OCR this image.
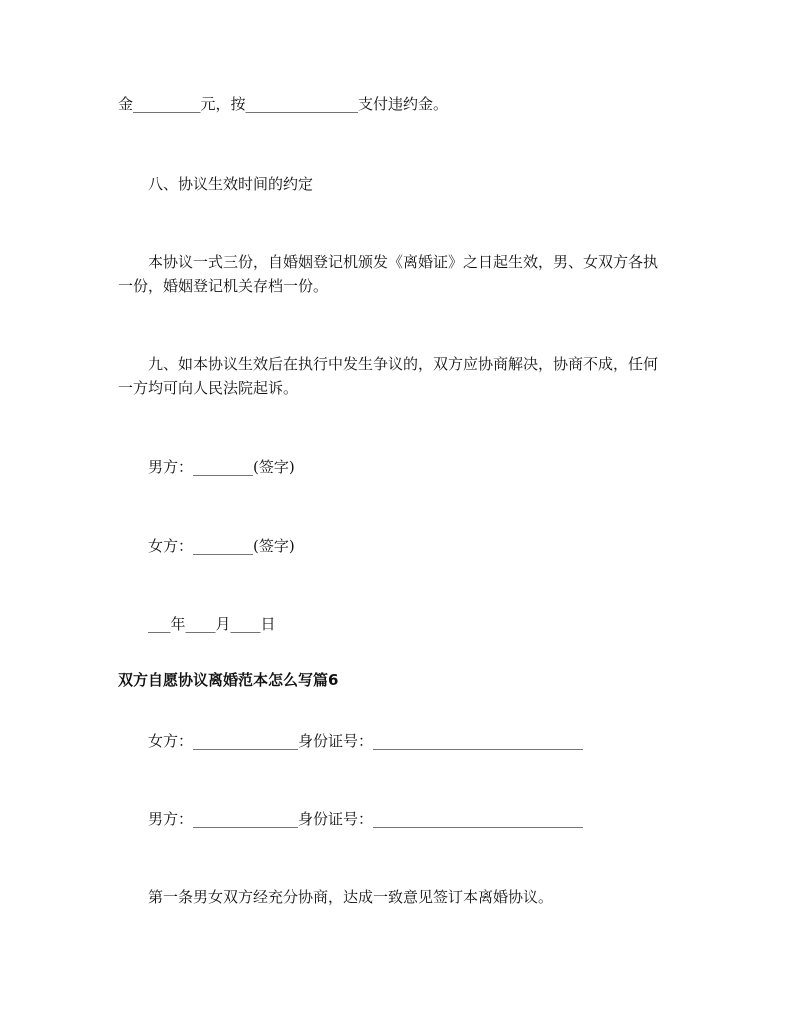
金_________元，按_______________支付违约金。
八、协议生效时间的约定
本协议一式三份，自婚姻登记机颁发《离婚证》之日起生效，男、女双方各执
一份，婚姻登记机关存档一份。
九、如本协议生效后在执行中发生争议的，双方应协商解决，协商不成，任何
一方均可向人民法院起诉。
男方：________(签字)
女方：________(签字)
___年____月____日
双方自愿协议离婚范本怎么写篇6
女方：______________身份证号：____________________________
男方：______________身份证号：____________________________
第一条男女双方经充分协商，达成一致意见签订本离婚协议。
